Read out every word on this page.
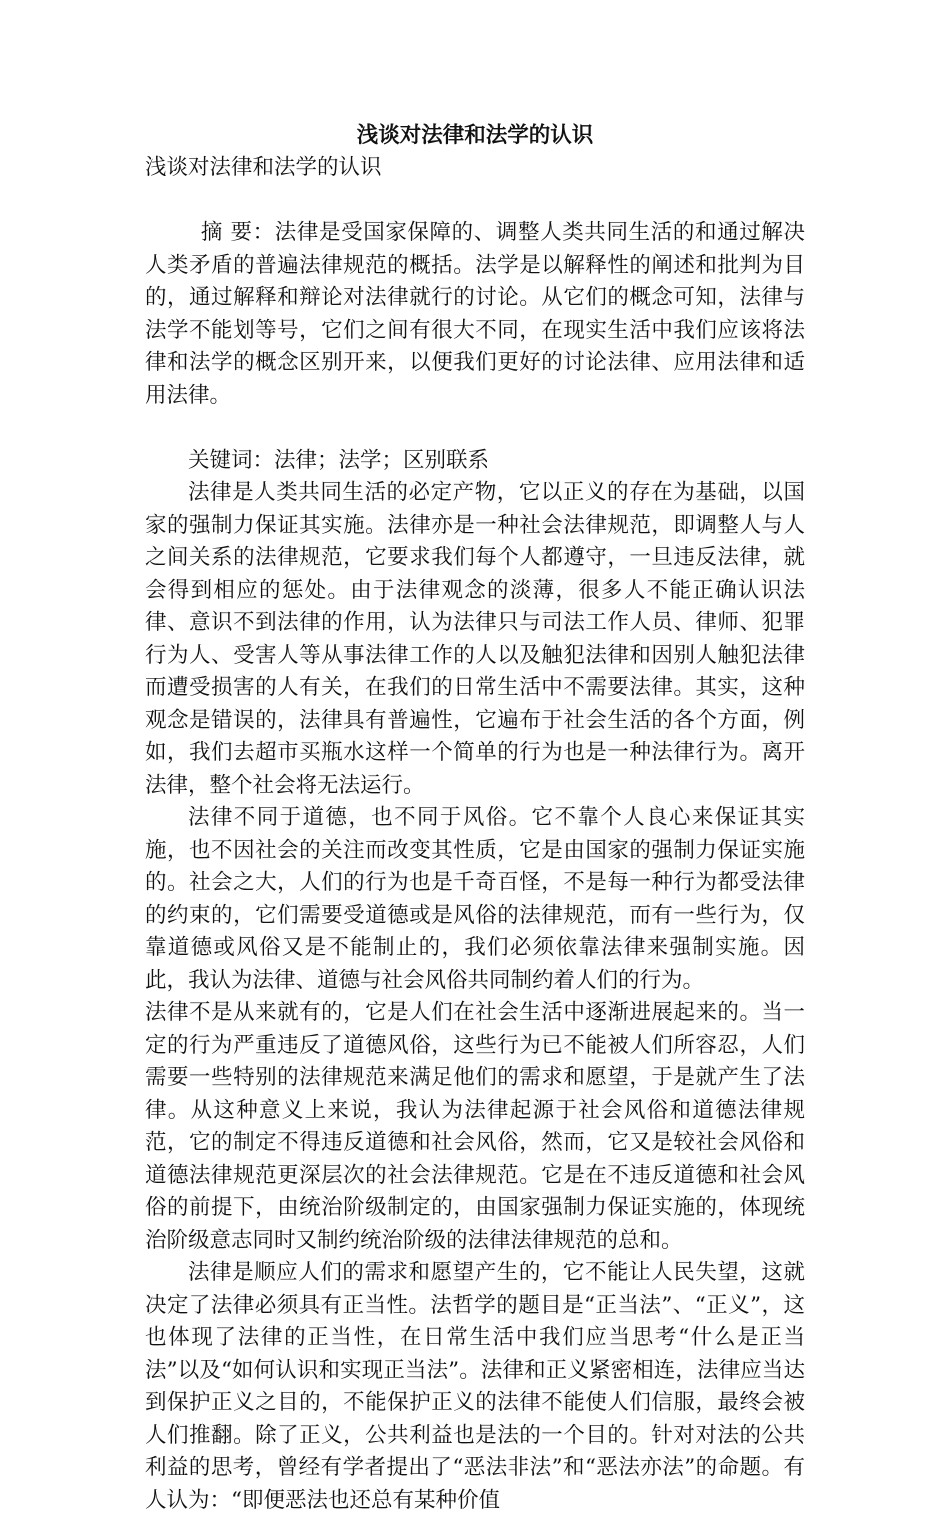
浅谈对法律和法学的认识

浅谈对法律和法学的认识

摘 要：法律是受国家保障的、调整人类共同生活的和通过解决人类矛盾的普遍法律规范的概括。法学是以解释性的阐述和批判为目的，通过解释和辩论对法律就行的讨论。从它们的概念可知，法律与法学不能划等号，它们之间有很大不同，在现实生活中我们应该将法律和法学的概念区别开来，以便我们更好的讨论法律、应用法律和适用法律。

关键词：法律；法学；区别联系

法律是人类共同生活的必定产物，它以正义的存在为基础，以国家的强制力保证其实施。法律亦是一种社会法律规范，即调整人与人之间关系的法律规范，它要求我们每个人都遵守，一旦违反法律，就会得到相应的惩处。由于法律观念的淡薄，很多人不能正确认识法律、意识不到法律的作用，认为法律只与司法工作人员、律师、犯罪行为人、受害人等从事法律工作的人以及触犯法律和因别人触犯法律而遭受损害的人有关，在我们的日常生活中不需要法律。其实，这种观念是错误的，法律具有普遍性，它遍布于社会生活的各个方面，例如，我们去超市买瓶水这样一个简单的行为也是一种法律行为。离开法律，整个社会将无法运行。

法律不同于道德，也不同于风俗。它不靠个人良心来保证其实施，也不因社会的关注而改变其性质，它是由国家的强制力保证实施的。社会之大，人们的行为也是千奇百怪，不是每一种行为都受法律的约束的，它们需要受道德或是风俗的法律规范，而有一些行为，仅靠道德或风俗又是不能制止的，我们必须依靠法律来强制实施。因此，我认为法律、道德与社会风俗共同制约着人们的行为。

法律不是从来就有的，它是人们在社会生活中逐渐进展起来的。当一定的行为严重违反了道德风俗，这些行为已不能被人们所容忍，人们需要一些特别的法律规范来满足他们的需求和愿望，于是就产生了法律。从这种意义上来说，我认为法律起源于社会风俗和道德法律规范，它的制定不得违反道德和社会风俗，然而，它又是较社会风俗和道德法律规范更深层次的社会法律规范。它是在不违反道德和社会风俗的前提下，由统治阶级制定的，由国家强制力保证实施的，体现统治阶级意志同时又制约统治阶级的法律法律规范的总和。

法律是顺应人们的需求和愿望产生的，它不能让人民失望，这就决定了法律必须具有正当性。法哲学的题目是“正当法”、“正义”，这也体现了法律的正当性，在日常生活中我们应当思考“什么是正当法”以及“如何认识和实现正当法”。法律和正义紧密相连，法律应当达到保护正义之目的，不能保护正义的法律不能使人们信服，最终会被人们推翻。除了正义，公共利益也是法的一个目的。针对对法的公共利益的思考，曾经有学者提出了“恶法非法”和“恶法亦法”的命题。有人认为：“即便恶法也还总有某种价值
